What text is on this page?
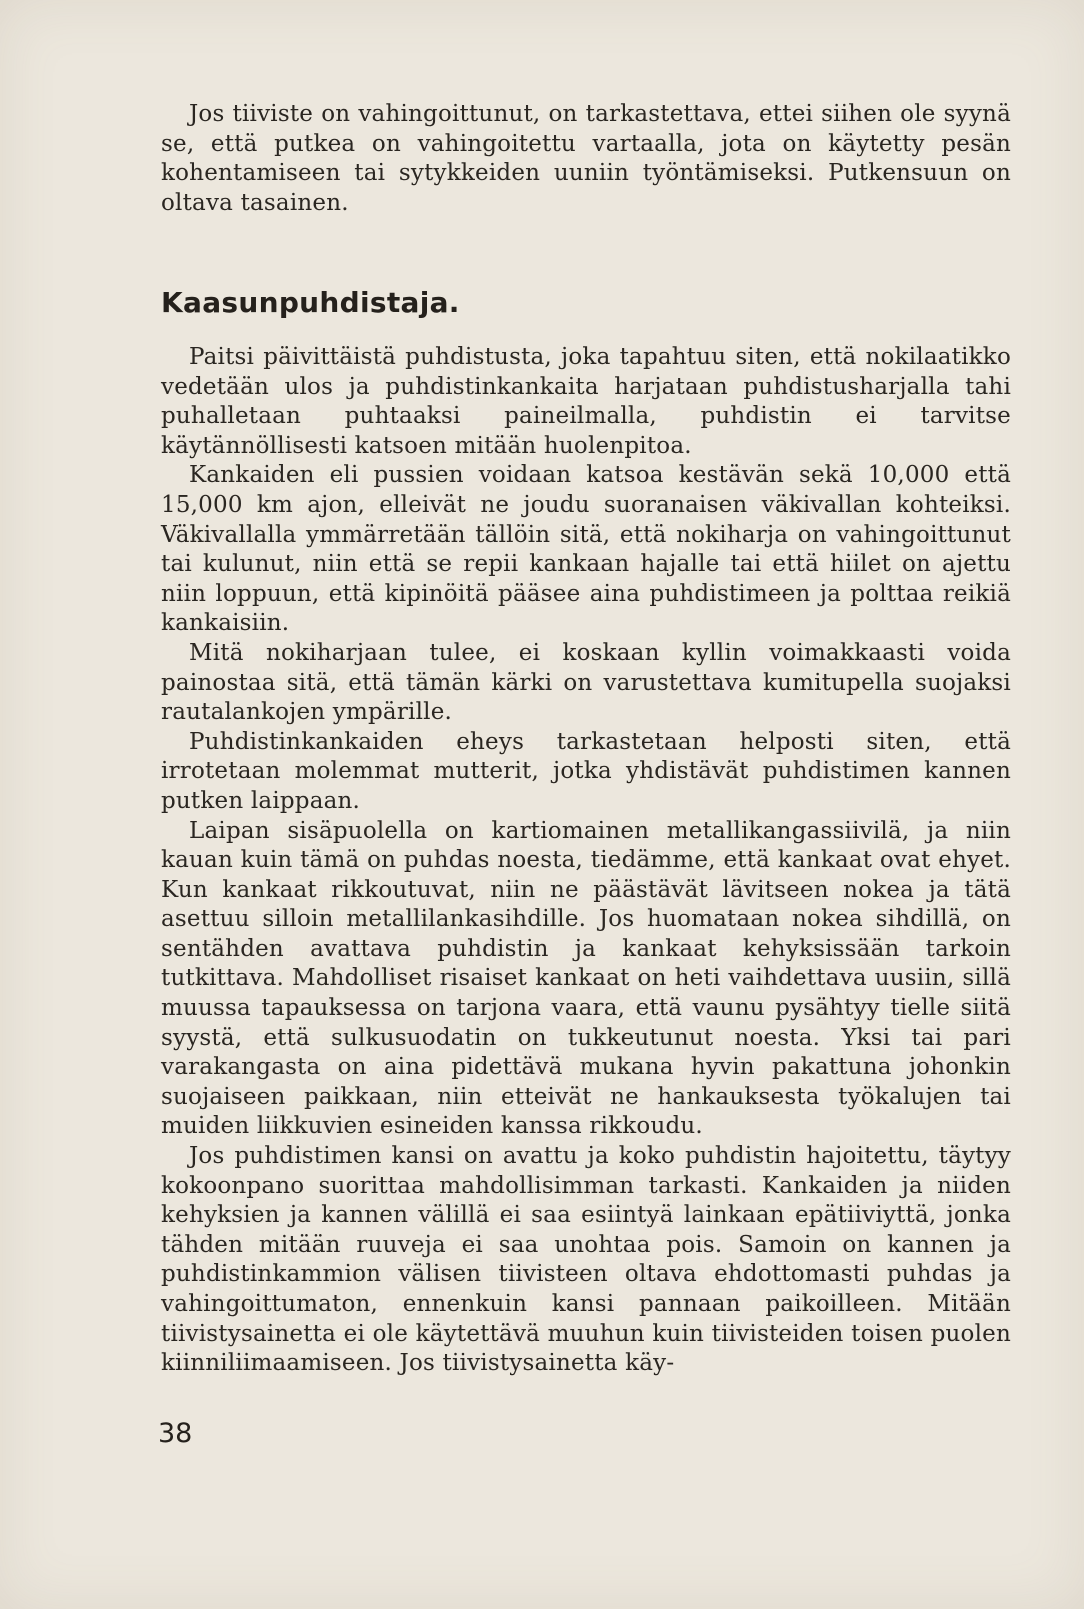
Jos tiiviste on vahingoittunut, on tarkastettava, ettei siihen ole syynä se, että putkea on vahingoitettu vartaalla, jota on käytetty pesän kohentamiseen tai sytykkeiden uuniin työntämiseksi. Putkensuun on oltava tasainen.

Kaasunpuhdistaja.

Paitsi päivittäistä puhdistusta, joka tapahtuu siten, että nokilaatikko vedetään ulos ja puhdistinkankaita harjataan puhdistusharjalla tahi puhalletaan puhtaaksi paineilmalla, puhdistin ei tarvitse käytännöllisesti katsoen mitään huolenpitoa.

Kankaiden eli pussien voidaan katsoa kestävän sekä 10,000 että 15,000 km ajon, elleivät ne joudu suoranaisen väkivallan kohteiksi. Väkivallalla ymmärretään tällöin sitä, että nokiharja on vahingoittunut tai kulunut, niin että se repii kankaan hajalle tai että hiilet on ajettu niin loppuun, että kipinöitä pääsee aina puhdistimeen ja polttaa reikiä kankaisiin.

Mitä nokiharjaan tulee, ei koskaan kyllin voimakkaasti voida painostaa sitä, että tämän kärki on varustettava kumitupella suojaksi rautalankojen ympärille.

Puhdistinkankaiden eheys tarkastetaan helposti siten, että irrotetaan molemmat mutterit, jotka yhdistävät puhdistimen kannen putken laippaan.

Laipan sisäpuolella on kartiomainen metallikangassiivilä, ja niin kauan kuin tämä on puhdas noesta, tiedämme, että kankaat ovat ehyet. Kun kankaat rikkoutuvat, niin ne päästävät lävitseen nokea ja tätä asettuu silloin metallilankasihdille. Jos huomataan nokea sihdillä, on sentähden avattava puhdistin ja kankaat kehyksissään tarkoin tutkittava. Mahdolliset risaiset kankaat on heti vaihdettava uusiin, sillä muussa tapauksessa on tarjona vaara, että vaunu pysähtyy tielle siitä syystä, että sulkusuodatin on tukkeutunut noesta. Yksi tai pari varakangasta on aina pidettävä mukana hyvin pakattuna johonkin suojaiseen paikkaan, niin etteivät ne hankauksesta työkalujen tai muiden liikkuvien esineiden kanssa rikkoudu.

Jos puhdistimen kansi on avattu ja koko puhdistin hajoitettu, täytyy kokoonpano suorittaa mahdollisimman tarkasti. Kankaiden ja niiden kehyksien ja kannen välillä ei saa esiintyä lainkaan epätiiviyttä, jonka tähden mitään ruuveja ei saa unohtaa pois. Samoin on kannen ja puhdistinkammion välisen tiivisteen oltava ehdottomasti puhdas ja vahingoittumaton, ennenkuin kansi pannaan paikoilleen. Mitään tiivistysainetta ei ole käytettävä muuhun kuin tiivisteiden toisen puolen kiinniliimaamiseen. Jos tiivistysainetta käy-

38
